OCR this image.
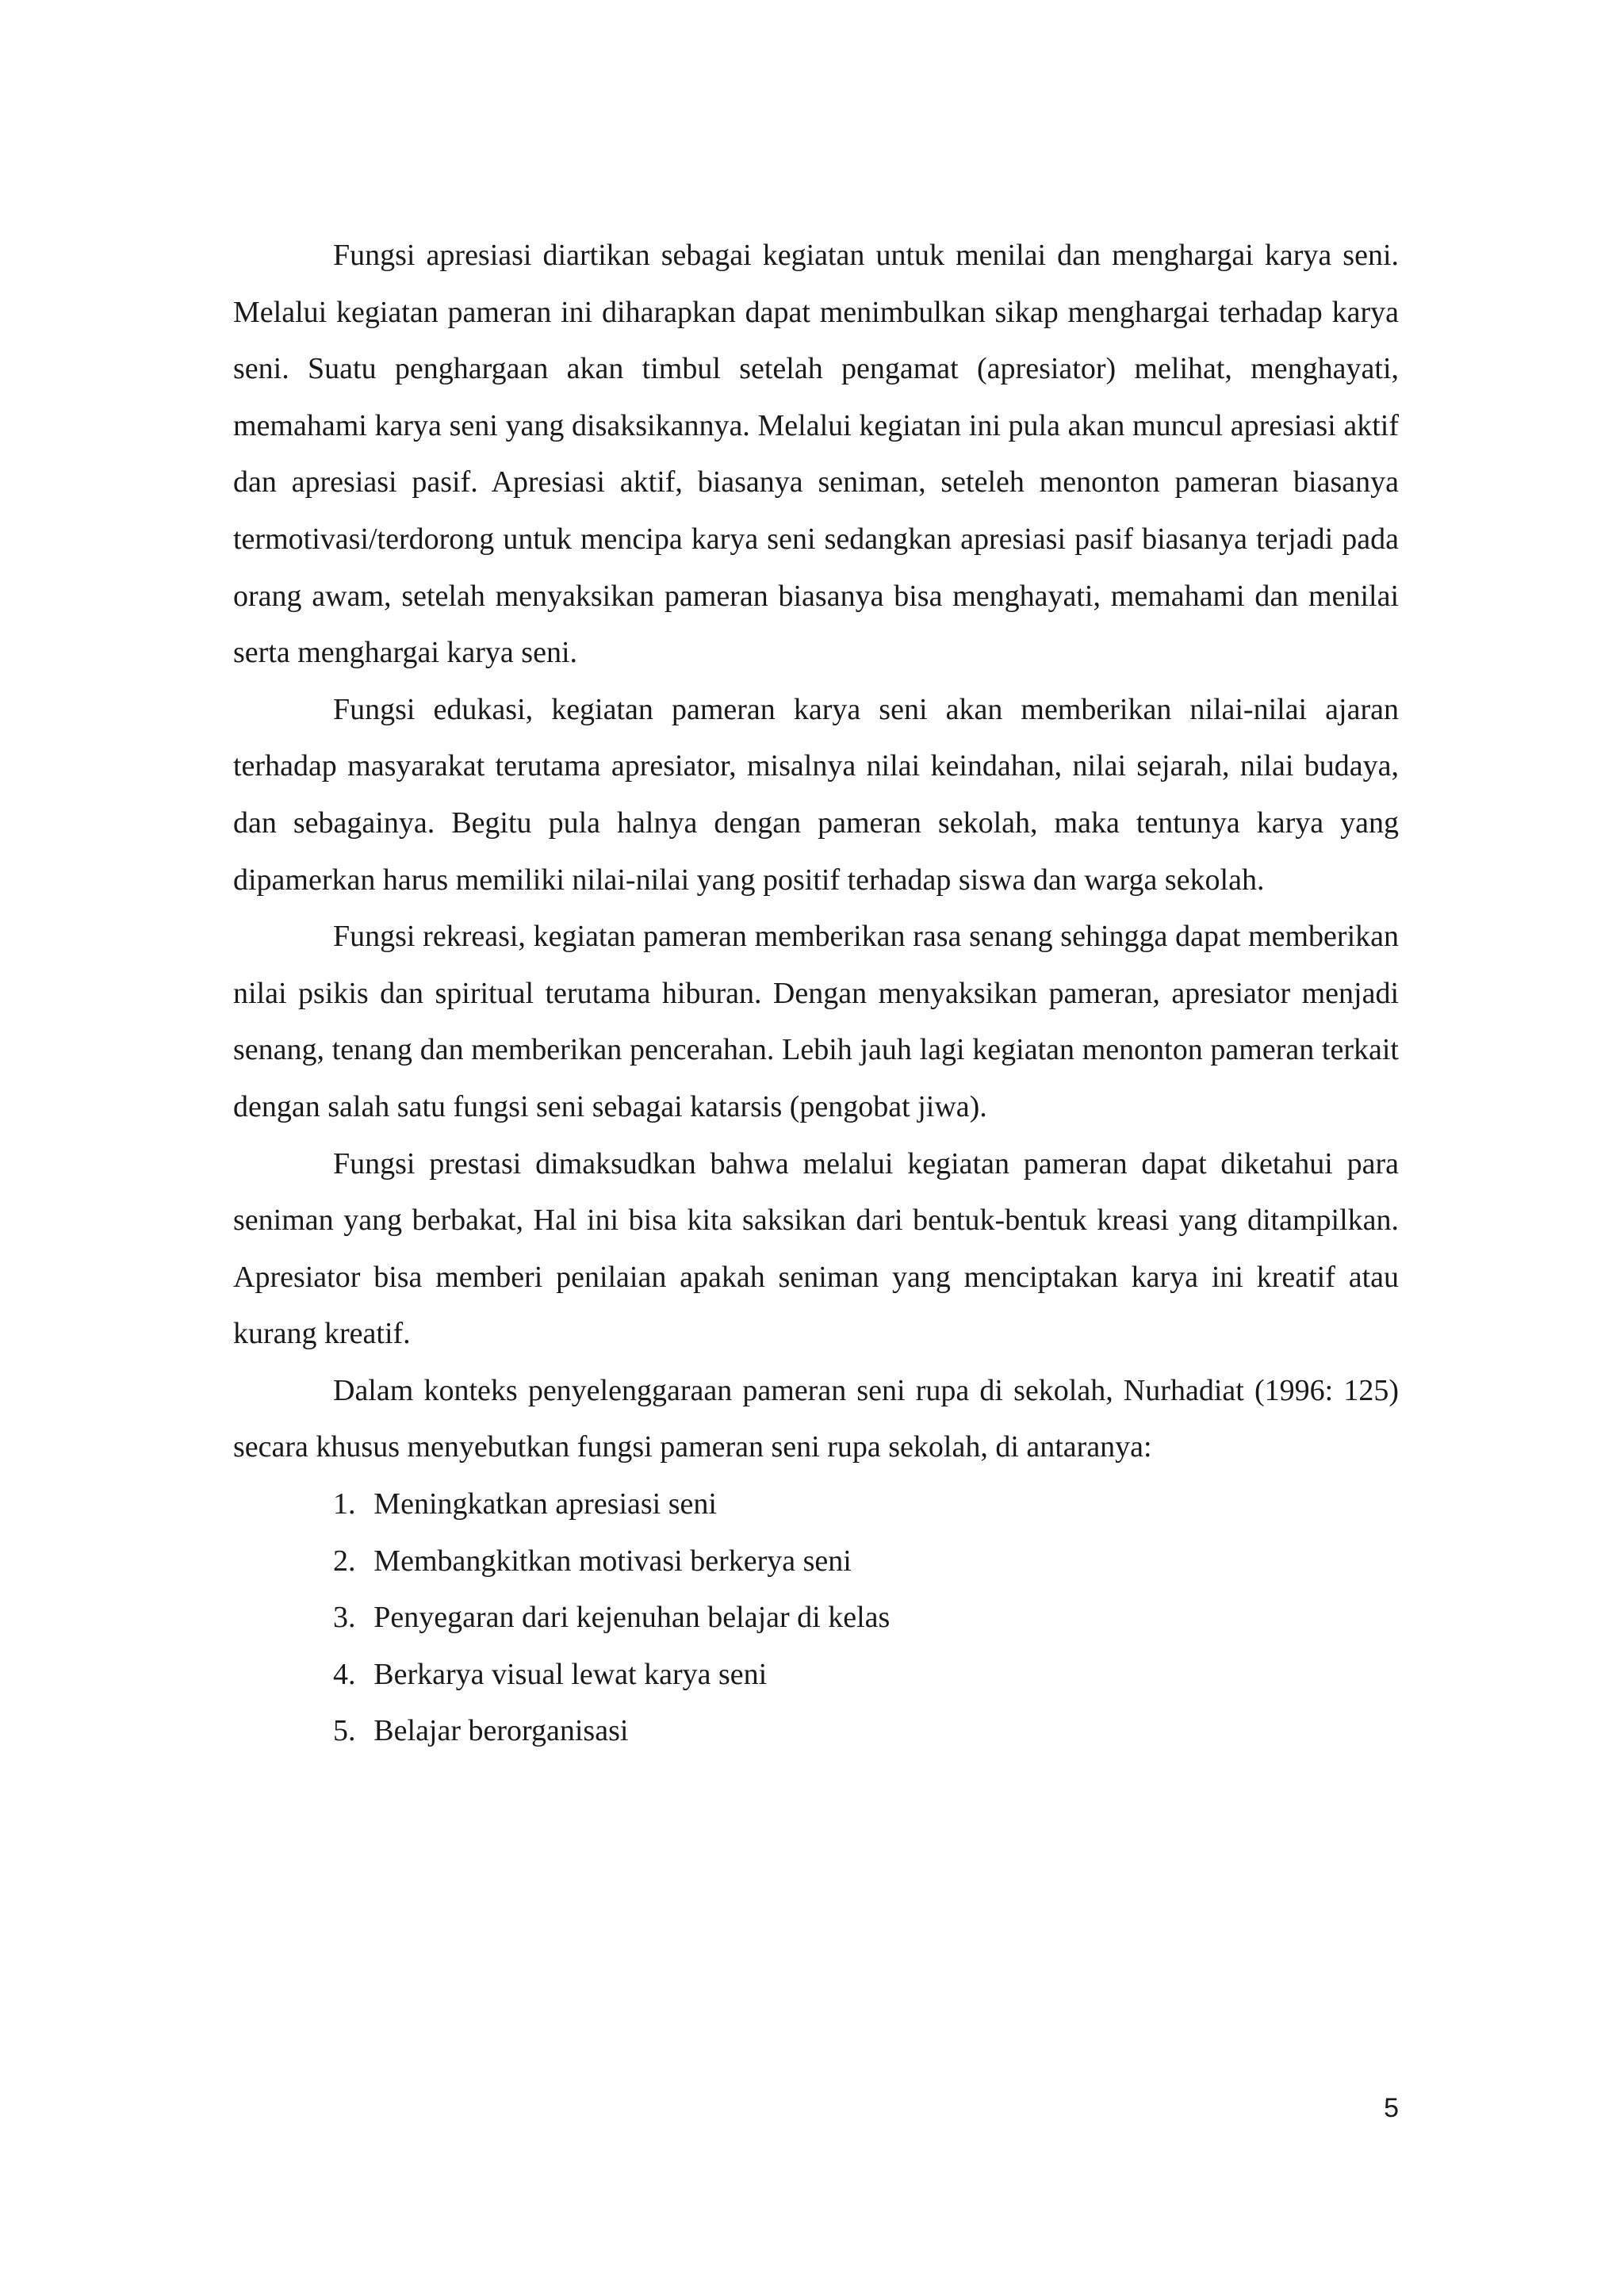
Fungsi apresiasi diartikan sebagai kegiatan untuk menilai dan menghargai karya seni. Melalui kegiatan pameran ini diharapkan dapat menimbulkan sikap menghargai terhadap karya seni. Suatu penghargaan akan timbul setelah pengamat (apresiator) melihat, menghayati, memahami karya seni yang disaksikannya. Melalui kegiatan ini pula akan muncul apresiasi aktif dan apresiasi pasif. Apresiasi aktif, biasanya seniman, seteleh menonton pameran biasanya termotivasi/terdorong untuk mencipa karya seni sedangkan apresiasi pasif biasanya terjadi pada orang awam, setelah menyaksikan pameran biasanya bisa menghayati, memahami dan menilai serta menghargai karya seni.

Fungsi edukasi, kegiatan pameran karya seni akan memberikan nilai-nilai ajaran terhadap masyarakat terutama apresiator, misalnya nilai keindahan, nilai sejarah, nilai budaya, dan sebagainya. Begitu pula halnya dengan pameran sekolah, maka tentunya karya yang dipamerkan harus memiliki nilai-nilai yang positif terhadap siswa dan warga sekolah.

Fungsi rekreasi, kegiatan pameran memberikan rasa senang sehingga dapat memberikan nilai psikis dan spiritual terutama hiburan. Dengan menyaksikan pameran, apresiator menjadi senang, tenang dan memberikan pencerahan. Lebih jauh lagi kegiatan menonton pameran terkait dengan salah satu fungsi seni sebagai katarsis (pengobat jiwa).

Fungsi prestasi dimaksudkan bahwa melalui kegiatan pameran dapat diketahui para seniman yang berbakat, Hal ini bisa kita saksikan dari bentuk-bentuk kreasi yang ditampilkan. Apresiator bisa memberi penilaian apakah seniman yang menciptakan karya ini kreatif atau kurang kreatif.

Dalam konteks penyelenggaraan pameran seni rupa di sekolah, Nurhadiat (1996: 125) secara khusus menyebutkan fungsi pameran seni rupa sekolah, di antaranya:

1. Meningkatkan apresiasi seni
2. Membangkitkan motivasi berkerya seni
3. Penyegaran dari kejenuhan belajar di kelas
4. Berkarya visual lewat karya seni
5. Belajar berorganisasi
5
